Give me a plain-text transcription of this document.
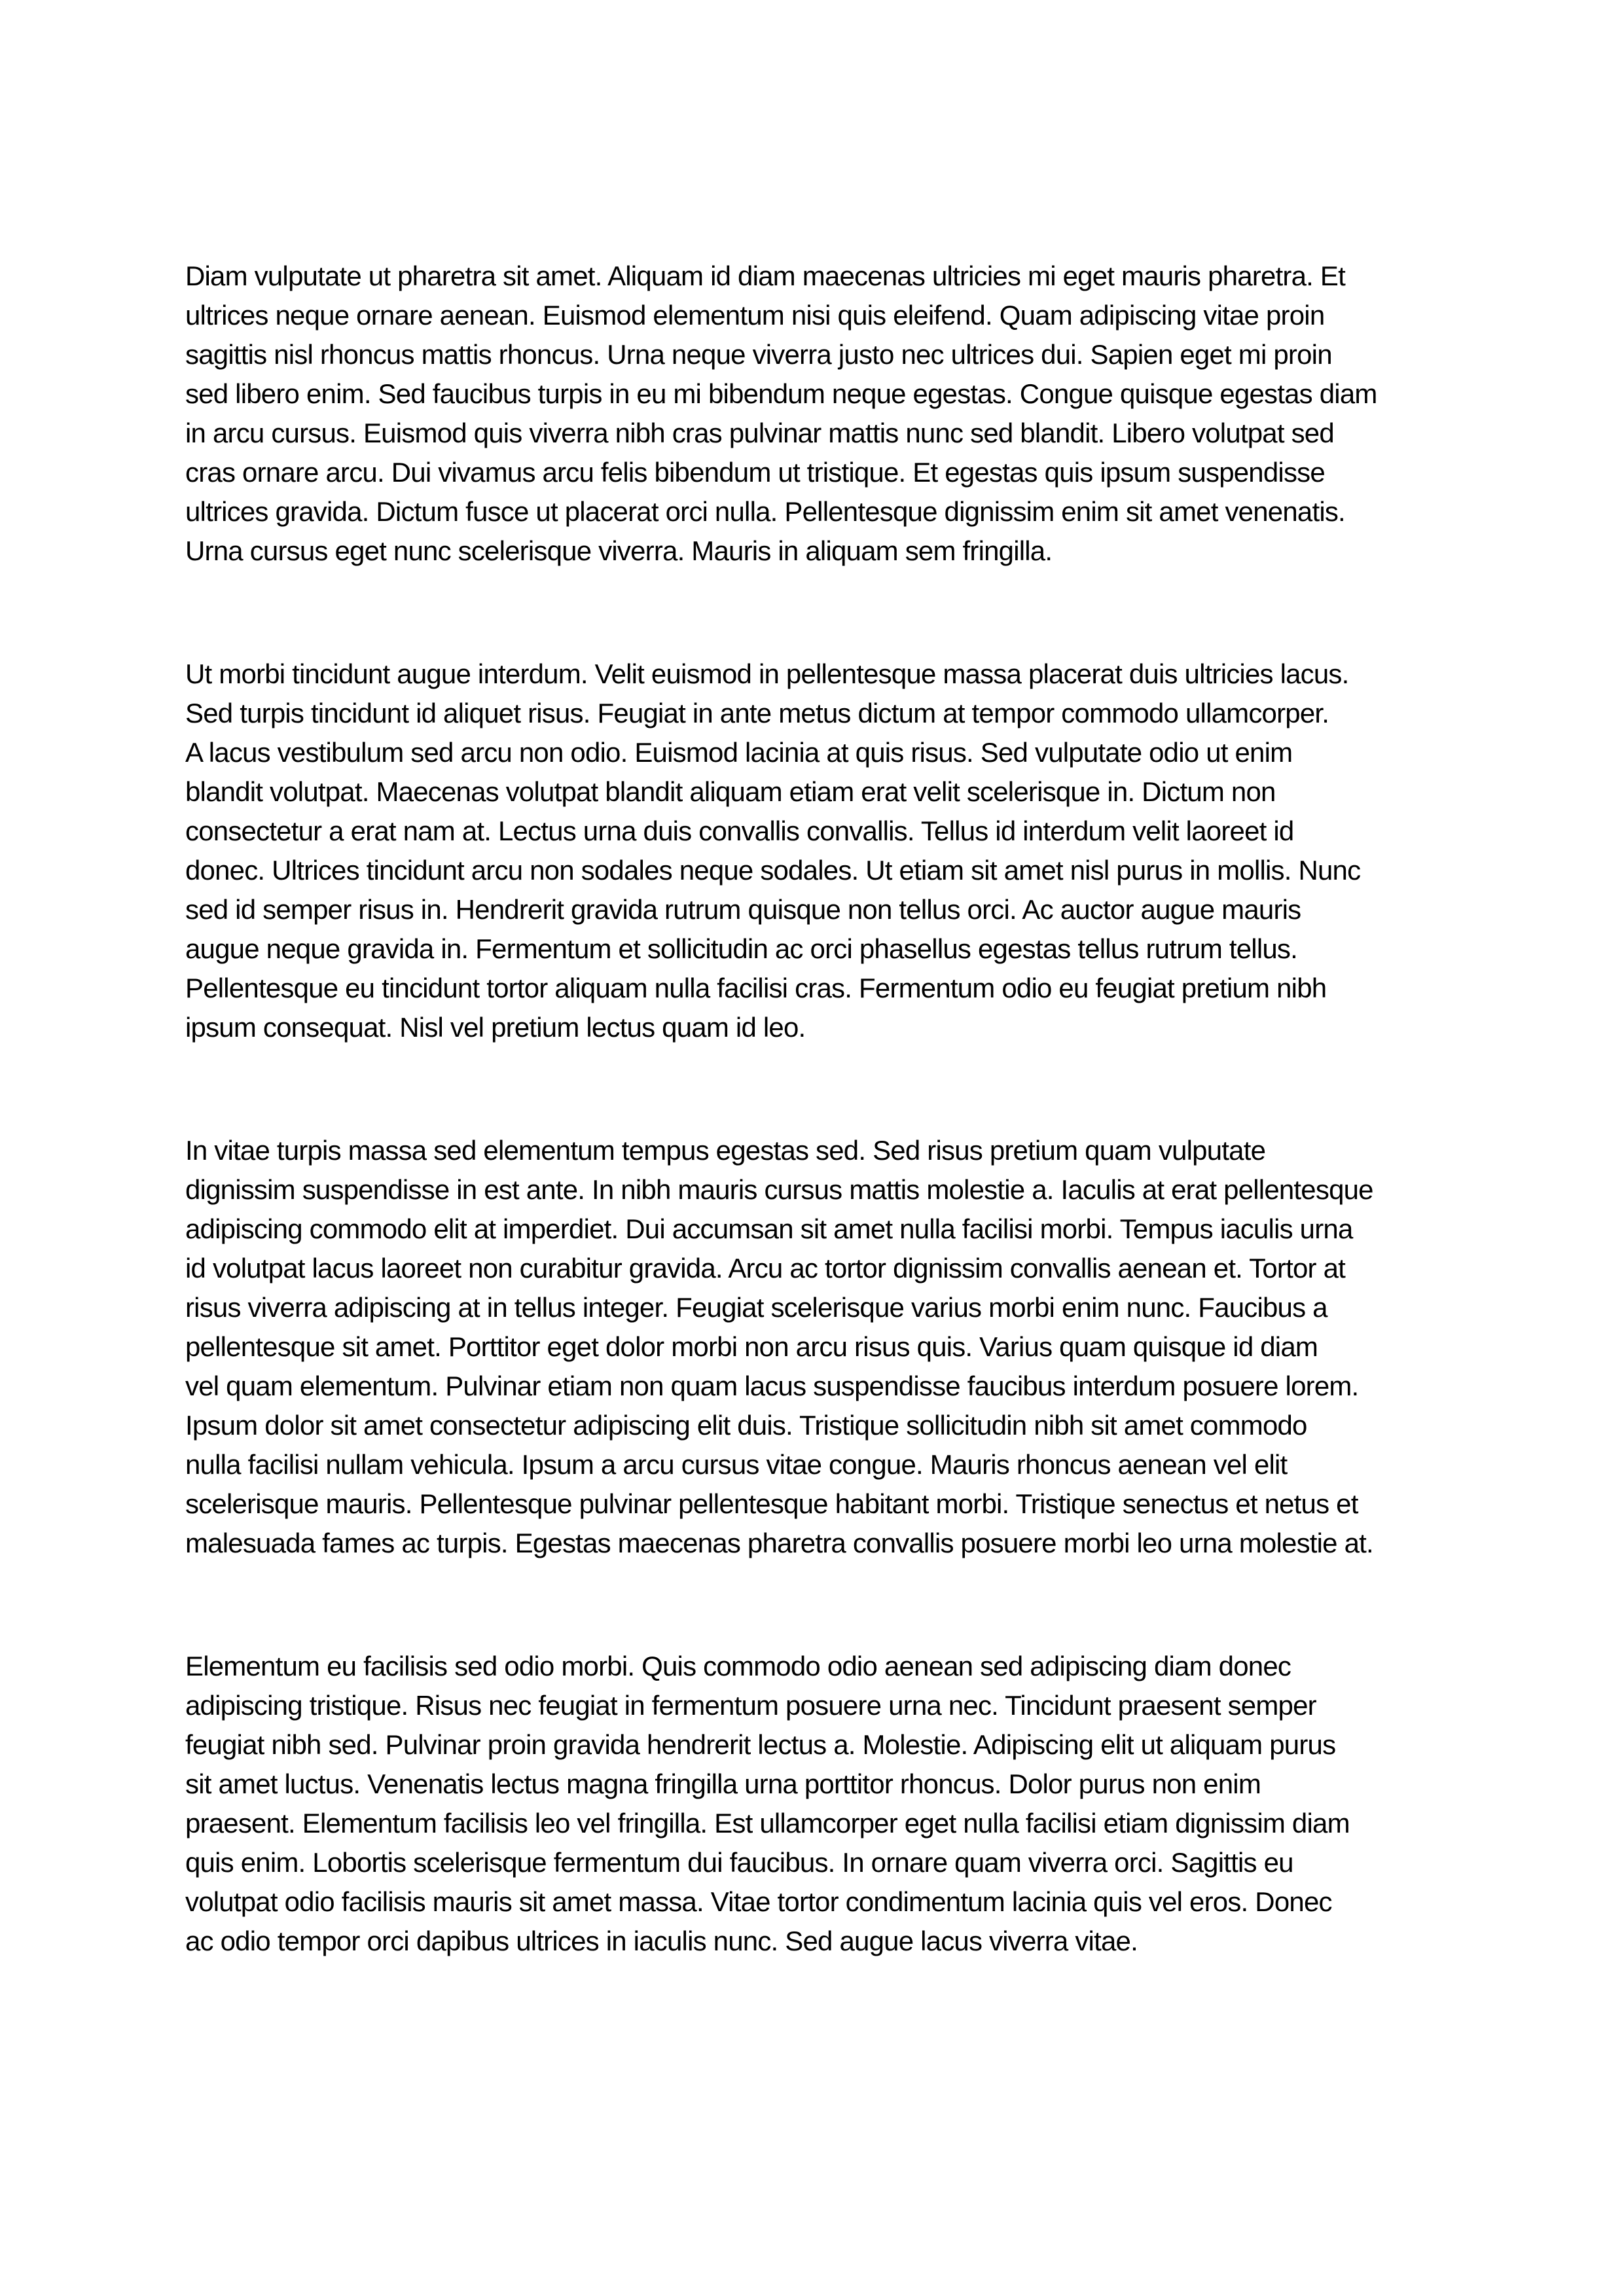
Diam vulputate ut pharetra sit amet. Aliquam id diam maecenas ultricies mi eget mauris pharetra. Et
ultrices neque ornare aenean. Euismod elementum nisi quis eleifend. Quam adipiscing vitae proin
sagittis nisl rhoncus mattis rhoncus. Urna neque viverra justo nec ultrices dui. Sapien eget mi proin
sed libero enim. Sed faucibus turpis in eu mi bibendum neque egestas. Congue quisque egestas diam
in arcu cursus. Euismod quis viverra nibh cras pulvinar mattis nunc sed blandit. Libero volutpat sed
cras ornare arcu. Dui vivamus arcu felis bibendum ut tristique. Et egestas quis ipsum suspendisse
ultrices gravida. Dictum fusce ut placerat orci nulla. Pellentesque dignissim enim sit amet venenatis.
Urna cursus eget nunc scelerisque viverra. Mauris in aliquam sem fringilla.
Ut morbi tincidunt augue interdum. Velit euismod in pellentesque massa placerat duis ultricies lacus.
Sed turpis tincidunt id aliquet risus. Feugiat in ante metus dictum at tempor commodo ullamcorper.
A lacus vestibulum sed arcu non odio. Euismod lacinia at quis risus. Sed vulputate odio ut enim
blandit volutpat. Maecenas volutpat blandit aliquam etiam erat velit scelerisque in. Dictum non
consectetur a erat nam at. Lectus urna duis convallis convallis. Tellus id interdum velit laoreet id
donec. Ultrices tincidunt arcu non sodales neque sodales. Ut etiam sit amet nisl purus in mollis. Nunc
sed id semper risus in. Hendrerit gravida rutrum quisque non tellus orci. Ac auctor augue mauris
augue neque gravida in. Fermentum et sollicitudin ac orci phasellus egestas tellus rutrum tellus.
Pellentesque eu tincidunt tortor aliquam nulla facilisi cras. Fermentum odio eu feugiat pretium nibh
ipsum consequat. Nisl vel pretium lectus quam id leo.
In vitae turpis massa sed elementum tempus egestas sed. Sed risus pretium quam vulputate
dignissim suspendisse in est ante. In nibh mauris cursus mattis molestie a. Iaculis at erat pellentesque
adipiscing commodo elit at imperdiet. Dui accumsan sit amet nulla facilisi morbi. Tempus iaculis urna
id volutpat lacus laoreet non curabitur gravida. Arcu ac tortor dignissim convallis aenean et. Tortor at
risus viverra adipiscing at in tellus integer. Feugiat scelerisque varius morbi enim nunc. Faucibus a
pellentesque sit amet. Porttitor eget dolor morbi non arcu risus quis. Varius quam quisque id diam
vel quam elementum. Pulvinar etiam non quam lacus suspendisse faucibus interdum posuere lorem.
Ipsum dolor sit amet consectetur adipiscing elit duis. Tristique sollicitudin nibh sit amet commodo
nulla facilisi nullam vehicula. Ipsum a arcu cursus vitae congue. Mauris rhoncus aenean vel elit
scelerisque mauris. Pellentesque pulvinar pellentesque habitant morbi. Tristique senectus et netus et
malesuada fames ac turpis. Egestas maecenas pharetra convallis posuere morbi leo urna molestie at.
Elementum eu facilisis sed odio morbi. Quis commodo odio aenean sed adipiscing diam donec
adipiscing tristique. Risus nec feugiat in fermentum posuere urna nec. Tincidunt praesent semper
feugiat nibh sed. Pulvinar proin gravida hendrerit lectus a. Molestie. Adipiscing elit ut aliquam purus
sit amet luctus. Venenatis lectus magna fringilla urna porttitor rhoncus. Dolor purus non enim
praesent. Elementum facilisis leo vel fringilla. Est ullamcorper eget nulla facilisi etiam dignissim diam
quis enim. Lobortis scelerisque fermentum dui faucibus. In ornare quam viverra orci. Sagittis eu
volutpat odio facilisis mauris sit amet massa. Vitae tortor condimentum lacinia quis vel eros. Donec
ac odio tempor orci dapibus ultrices in iaculis nunc. Sed augue lacus viverra vitae.
